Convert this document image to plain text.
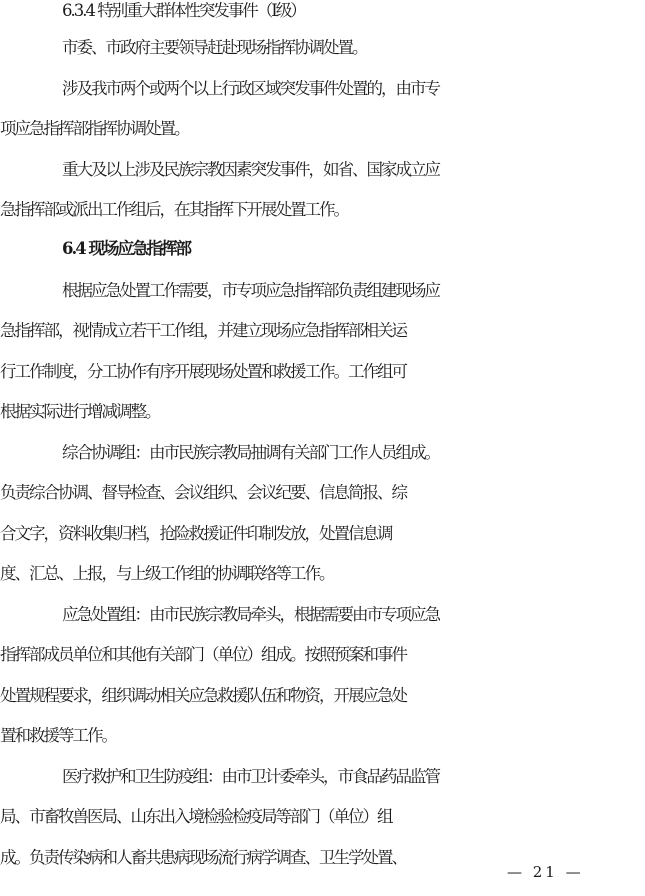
6.3.4 特别重大群体性突发事件（Ⅰ级）
市委、市政府主要领导赶赴现场指挥协调处置。
涉及我市两个或两个以上行政区域突发事件处置的，由市专
项应急指挥部指挥协调处置。
重大及以上涉及民族宗教因素突发事件，如省、国家成立应
急指挥部或派出工作组后，在其指挥下开展处置工作。
6.4 现场应急指挥部
根据应急处置工作需要，市专项应急指挥部负责组建现场应
急指挥部，视情成立若干工作组，并建立现场应急指挥部相关运
行工作制度，分工协作有序开展现场处置和救援工作。工作组可
根据实际进行增减调整。
综合协调组：由市民族宗教局抽调有关部门工作人员组成。
负责综合协调、督导检查、会议组织、会议纪要、信息简报、综
合文字，资料收集归档，抢险救援证件印制发放，处置信息调
度、汇总、上报，与上级工作组的协调联络等工作。
应急处置组：由市民族宗教局牵头，根据需要由市专项应急
指挥部成员单位和其他有关部门（单位）组成。按照预案和事件
处置规程要求，组织调动相关应急救援队伍和物资，开展应急处
置和救援等工作。
医疗救护和卫生防疫组：由市卫计委牵头，市食品药品监管
局、市畜牧兽医局、山东出入境检验检疫局等部门（单位）组
成。负责传染病和人畜共患病现场流行病学调查、卫生学处置、
— 21 —
